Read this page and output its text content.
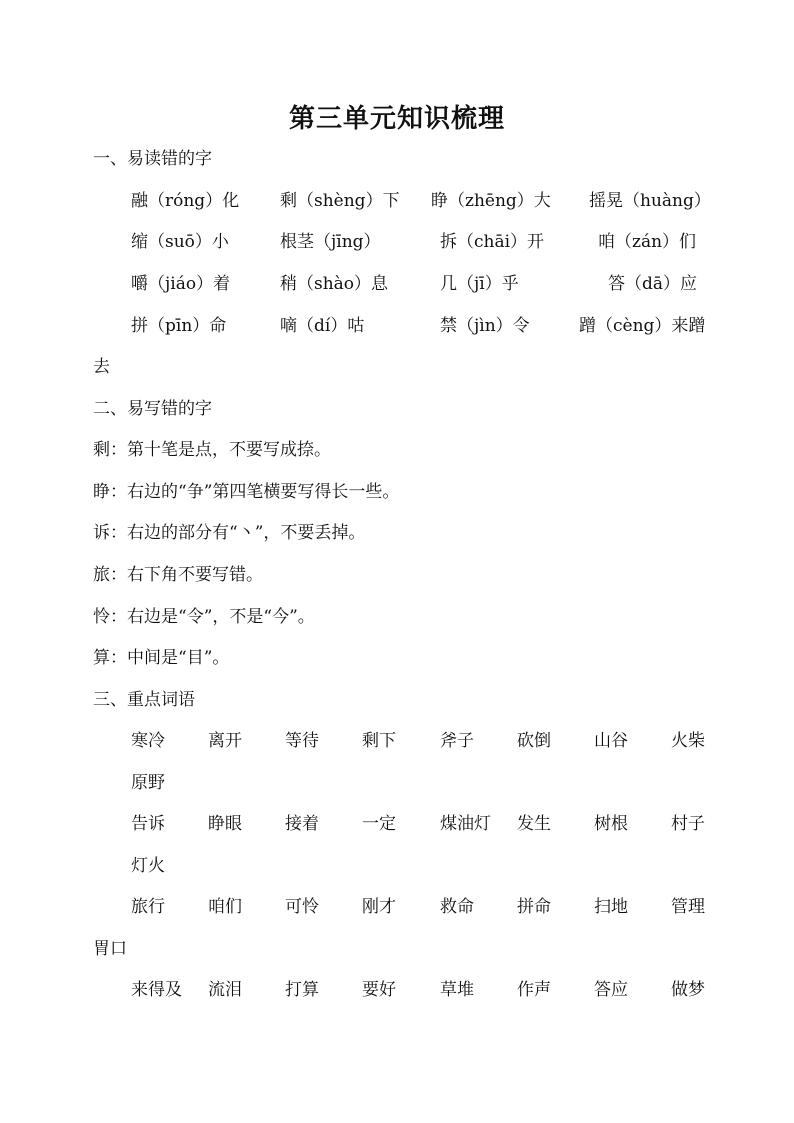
第三单元知识梳理
一、易读错的字
融（róng）化 剩（shèng）下 睁（zhēng）大 摇晃（huàng）
缩（suō）小	根茎（jīng）	拆（chāi）开	咱（zán）们
嚼（jiáo）着	稍（shào）息	几（jī）乎	答（dā）应
拼（pīn）命	嘀（dí）咕	禁（jìn）令	蹭（cèng）来蹭
去
二、易写错的字
剩：第十笔是点，不要写成捺。
睁：右边的“争”第四笔横要写得长一些。
诉：右边的部分有“丶”，不要丢掉。
旅：右下角不要写错。
怜：右边是“令”，不是“今”。
算：中间是“目”。
三、重点词语
寒冷	离开	等待	剩下	斧子	砍倒	山谷	火柴
原野
告诉	睁眼	接着	一定	煤油灯 发生	树根	村子
灯火
旅行	咱们	可怜	刚才	救命	拼命	扫地	管理
胃口
来得及 流泪	打算	要好	草堆	作声	答应	做梦
